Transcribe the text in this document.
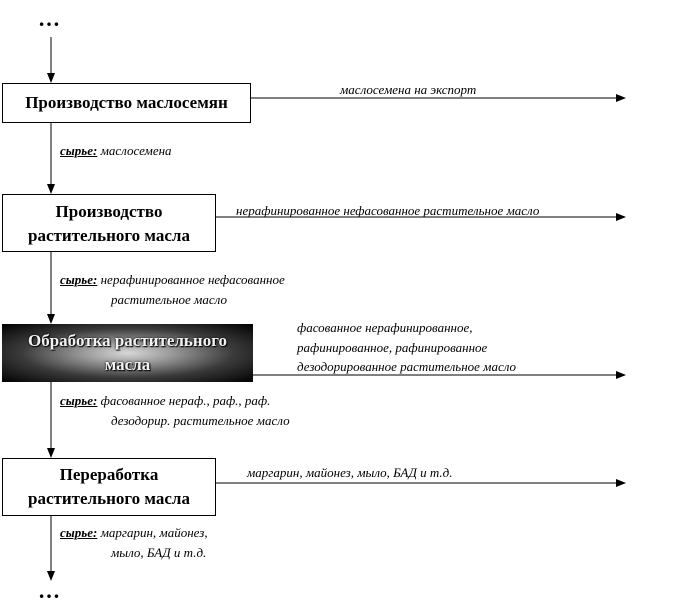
…
…
Производство маслосемян
Производство
растительного масла
Обработка растительного
масла
Переработка
растительного масла
маслосемена на экспорт
нерафинированное нефасованное растительное масло
фасованное нерафинированное,
рафинированное, рафинированное
дезодорированное растительное масло
маргарин, майонез, мыло, БАД и т.д.
сырье: маслосемена
сырье: нерафинированное нефасованное
растительное масло
сырье: фасованное нераф., раф., раф.
дезодорир. растительное масло
сырье: маргарин, майонез,
мыло, БАД и т.д.
